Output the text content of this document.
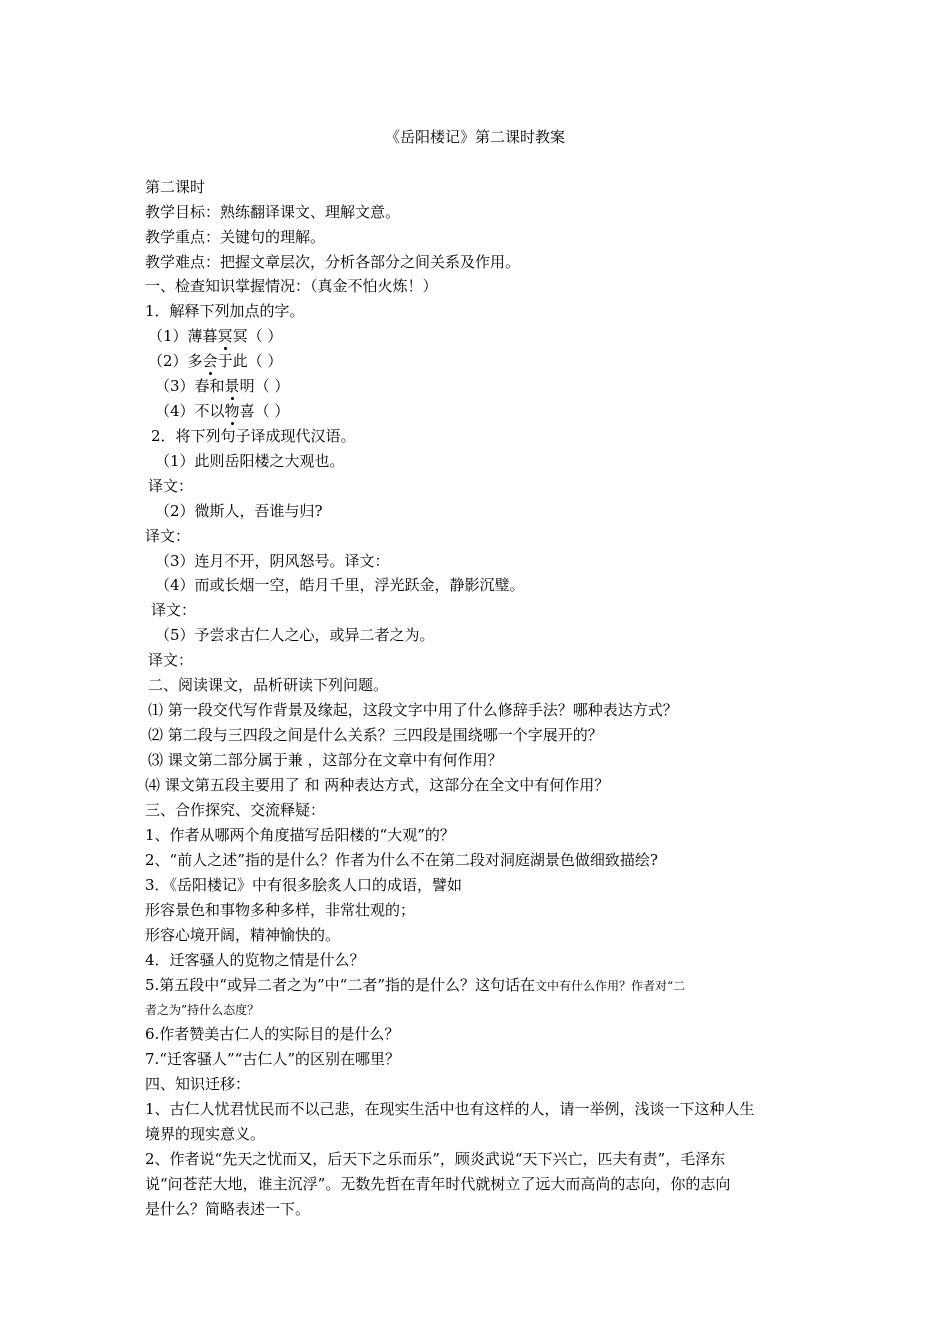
《岳阳楼记》第二课时教案
第二课时
教学目标：熟练翻译课文、理解文意。
教学重点：关键句的理解。
教学难点：把握文章层次，分析各部分之间关系及作用。
一、检查知识掌握情况：（真金不怕火炼！）
1．解释下列加点的字。
（1）薄暮冥冥（ ）
（2）多会于此（ ）
（3）春和景明（ ）
（4）不以物喜（ ）
2．将下列句子译成现代汉语。
（1）此则岳阳楼之大观也。
译文：
（2）微斯人，吾谁与归?
译文：
（3）连月不开，阴风怒号。译文：
（4）而或长烟一空，皓月千里，浮光跃金，静影沉璧。
译文：
（5）予尝求古仁人之心，或异二者之为。
译文：
二、阅读课文，品析研读下列问题。
⑴ 第一段交代写作背景及缘起，这段文字中用了什么修辞手法？哪种表达方式？
⑵ 第二段与三四段之间是什么关系？三四段是围绕哪一个字展开的？
⑶ 课文第二部分属于兼 ，这部分在文章中有何作用？
⑷ 课文第五段主要用了 和 两种表达方式，这部分在全文中有何作用？
三、合作探究、交流释疑：
1、作者从哪两个角度描写岳阳楼的“大观”的？
2、“前人之述”指的是什么？作者为什么不在第二段对洞庭湖景色做细致描绘?
3．《岳阳楼记》中有很多脍炙人口的成语，譬如
形容景色和事物多种多样，非常壮观的；
形容心境开阔，精神愉快的。
4．迁客骚人的览物之情是什么？
5.第五段中“或异二者之为”中“二者”指的是什么？这句话在文中有什么作用？作者对“二
者之为”持什么态度？
6.作者赞美古仁人的实际目的是什么？
7.“迁客骚人”“古仁人”的区别在哪里？
四、知识迁移：
1、古仁人忧君忧民而不以己悲，在现实生活中也有这样的人，请一举例，浅谈一下这种人生
境界的现实意义。
2、作者说“先天之忧而又，后天下之乐而乐”，顾炎武说“天下兴亡，匹夫有责”，毛泽东
说“问苍茫大地，谁主沉浮”。无数先哲在青年时代就树立了远大而高尚的志向，你的志向
是什么？简略表述一下。
